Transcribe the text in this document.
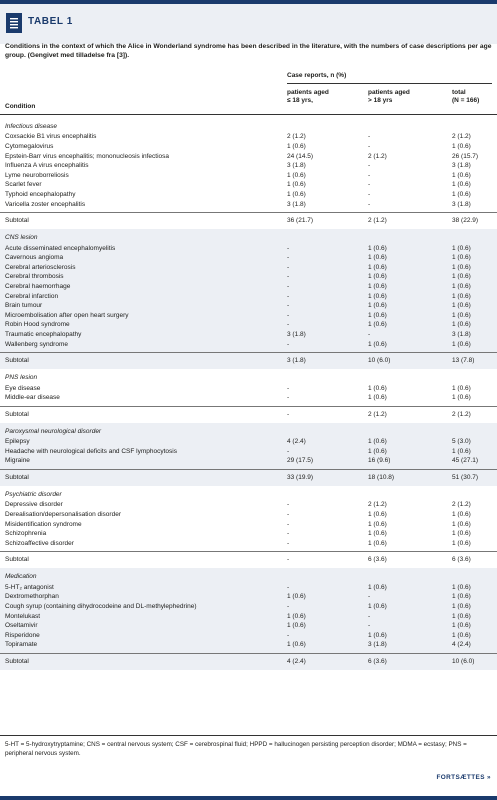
TABEL 1
Conditions in the context of which the Alice in Wonderland syndrome has been described in the literature, with the numbers of case descriptions per age group. (Gengivet med tilladelse fra [3]).
Case reports, n (%)
patients aged
≤ 18 yrs,
patients aged
> 18 yrs
total
(N = 166)
Condition
Infectious disease
Coxsackie B1 virus encephalitis	2 (1.2)	-	2 (1.2)
Cytomegalovirus	1 (0.6)	-	1 (0.6)
Epstein-Barr virus encephalitis; mononucleosis infectiosa	24 (14.5)	2 (1.2)	26 (15.7)
Influenza A virus encephalitis	3 (1.8)	-	3 (1.8)
Lyme neuroborreliosis	1 (0.6)	-	1 (0.6)
Scarlet fever	1 (0.6)	-	1 (0.6)
Typhoid encephalopathy	1 (0.6)	-	1 (0.6)
Varicella zoster encephalitis	3 (1.8)	-	3 (1.8)
Subtotal	36 (21.7)	2 (1.2)	38 (22.9)
CNS lesion
Acute disseminated encephalomyelitis	-	1 (0.6)	1 (0.6)
Cavernous angioma	-	1 (0.6)	1 (0.6)
Cerebral arteriosclerosis	-	1 (0.6)	1 (0.6)
Cerebral thrombosis	-	1 (0.6)	1 (0.6)
Cerebral haemorrhage	-	1 (0.6)	1 (0.6)
Cerebral infarction	-	1 (0.6)	1 (0.6)
Brain tumour	-	1 (0.6)	1 (0.6)
Microembolisation after open heart surgery	-	1 (0.6)	1 (0.6)
Robin Hood syndrome	-	1 (0.6)	1 (0.6)
Traumatic encephalopathy	3 (1.8)	-	3 (1.8)
Wallenberg syndrome	-	1 (0.6)	1 (0.6)
Subtotal	3 (1.8)	10 (6.0)	13 (7.8)
PNS lesion
Eye disease	-	1 (0.6)	1 (0.6)
Middle-ear disease	-	1 (0.6)	1 (0.6)
Subtotal	-	2 (1.2)	2 (1.2)
Paroxysmal neurological disorder
Epilepsy	4 (2.4)	1 (0.6)	5 (3.0)
Headache with neurological deficits and CSF lymphocytosis	-	1 (0.6)	1 (0.6)
Migraine	29 (17.5)	16 (9.6)	45 (27.1)
Subtotal	33 (19.9)	18 (10.8)	51 (30.7)
Psychiatric disorder
Depressive disorder	-	2 (1.2)	2 (1.2)
Derealisation/depersonalisation disorder	-	1 (0.6)	1 (0.6)
Misidentification syndrome	-	1 (0.6)	1 (0.6)
Schizophrenia	-	1 (0.6)	1 (0.6)
Schizoaffective disorder	-	1 (0.6)	1 (0.6)
Subtotal	-	6 (3.6)	6 (3.6)
Medication
5-HT₂ antagonist	-	1 (0.6)	1 (0.6)
Dextromethorphan	1 (0.6)	-	1 (0.6)
Cough syrup (containing dihydrocodeine and DL-methylephedrine)	-	1 (0.6)	1 (0.6)
Montelukast	1 (0.6)	-	1 (0.6)
Oseltamivir	1 (0.6)	-	1 (0.6)
Risperidone	-	1 (0.6)	1 (0.6)
Topiramate	1 (0.6)	3 (1.8)	4 (2.4)
Subtotal	4 (2.4)	6 (3.6)	10 (6.0)
5-HT = 5-hydroxytryptamine; CNS = central nervous system; CSF = cerebrospinal fluid; HPPD = hallucinogen persisting perception disorder; MDMA = ecstasy; PNS = peripheral nervous system.
FORTSÆTTES »
